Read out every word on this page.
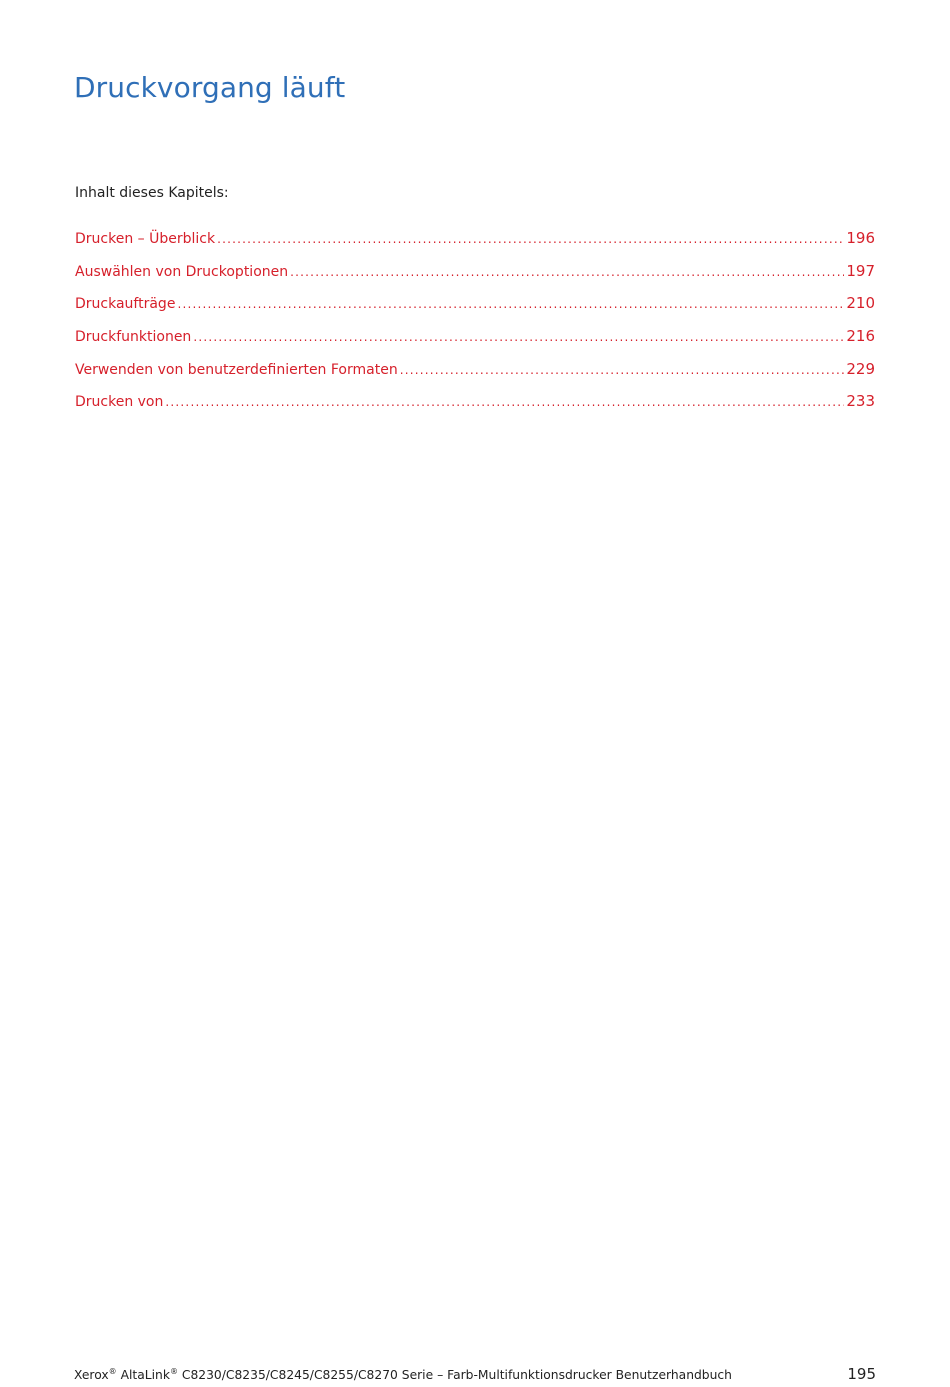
Druckvorgang läuft
Inhalt dieses Kapitels:
Drucken – Überblick .....	196
Auswählen von Druckoptionen .....	197
Druckaufträge .....	210
Druckfunktionen .....	216
Verwenden von benutzerdefinierten Formaten .....	229
Drucken von .....	233
Xerox® AltaLink® C8230/C8235/C8245/C8255/C8270 Serie – Farb-Multifunktionsdrucker Benutzerhandbuch	195
